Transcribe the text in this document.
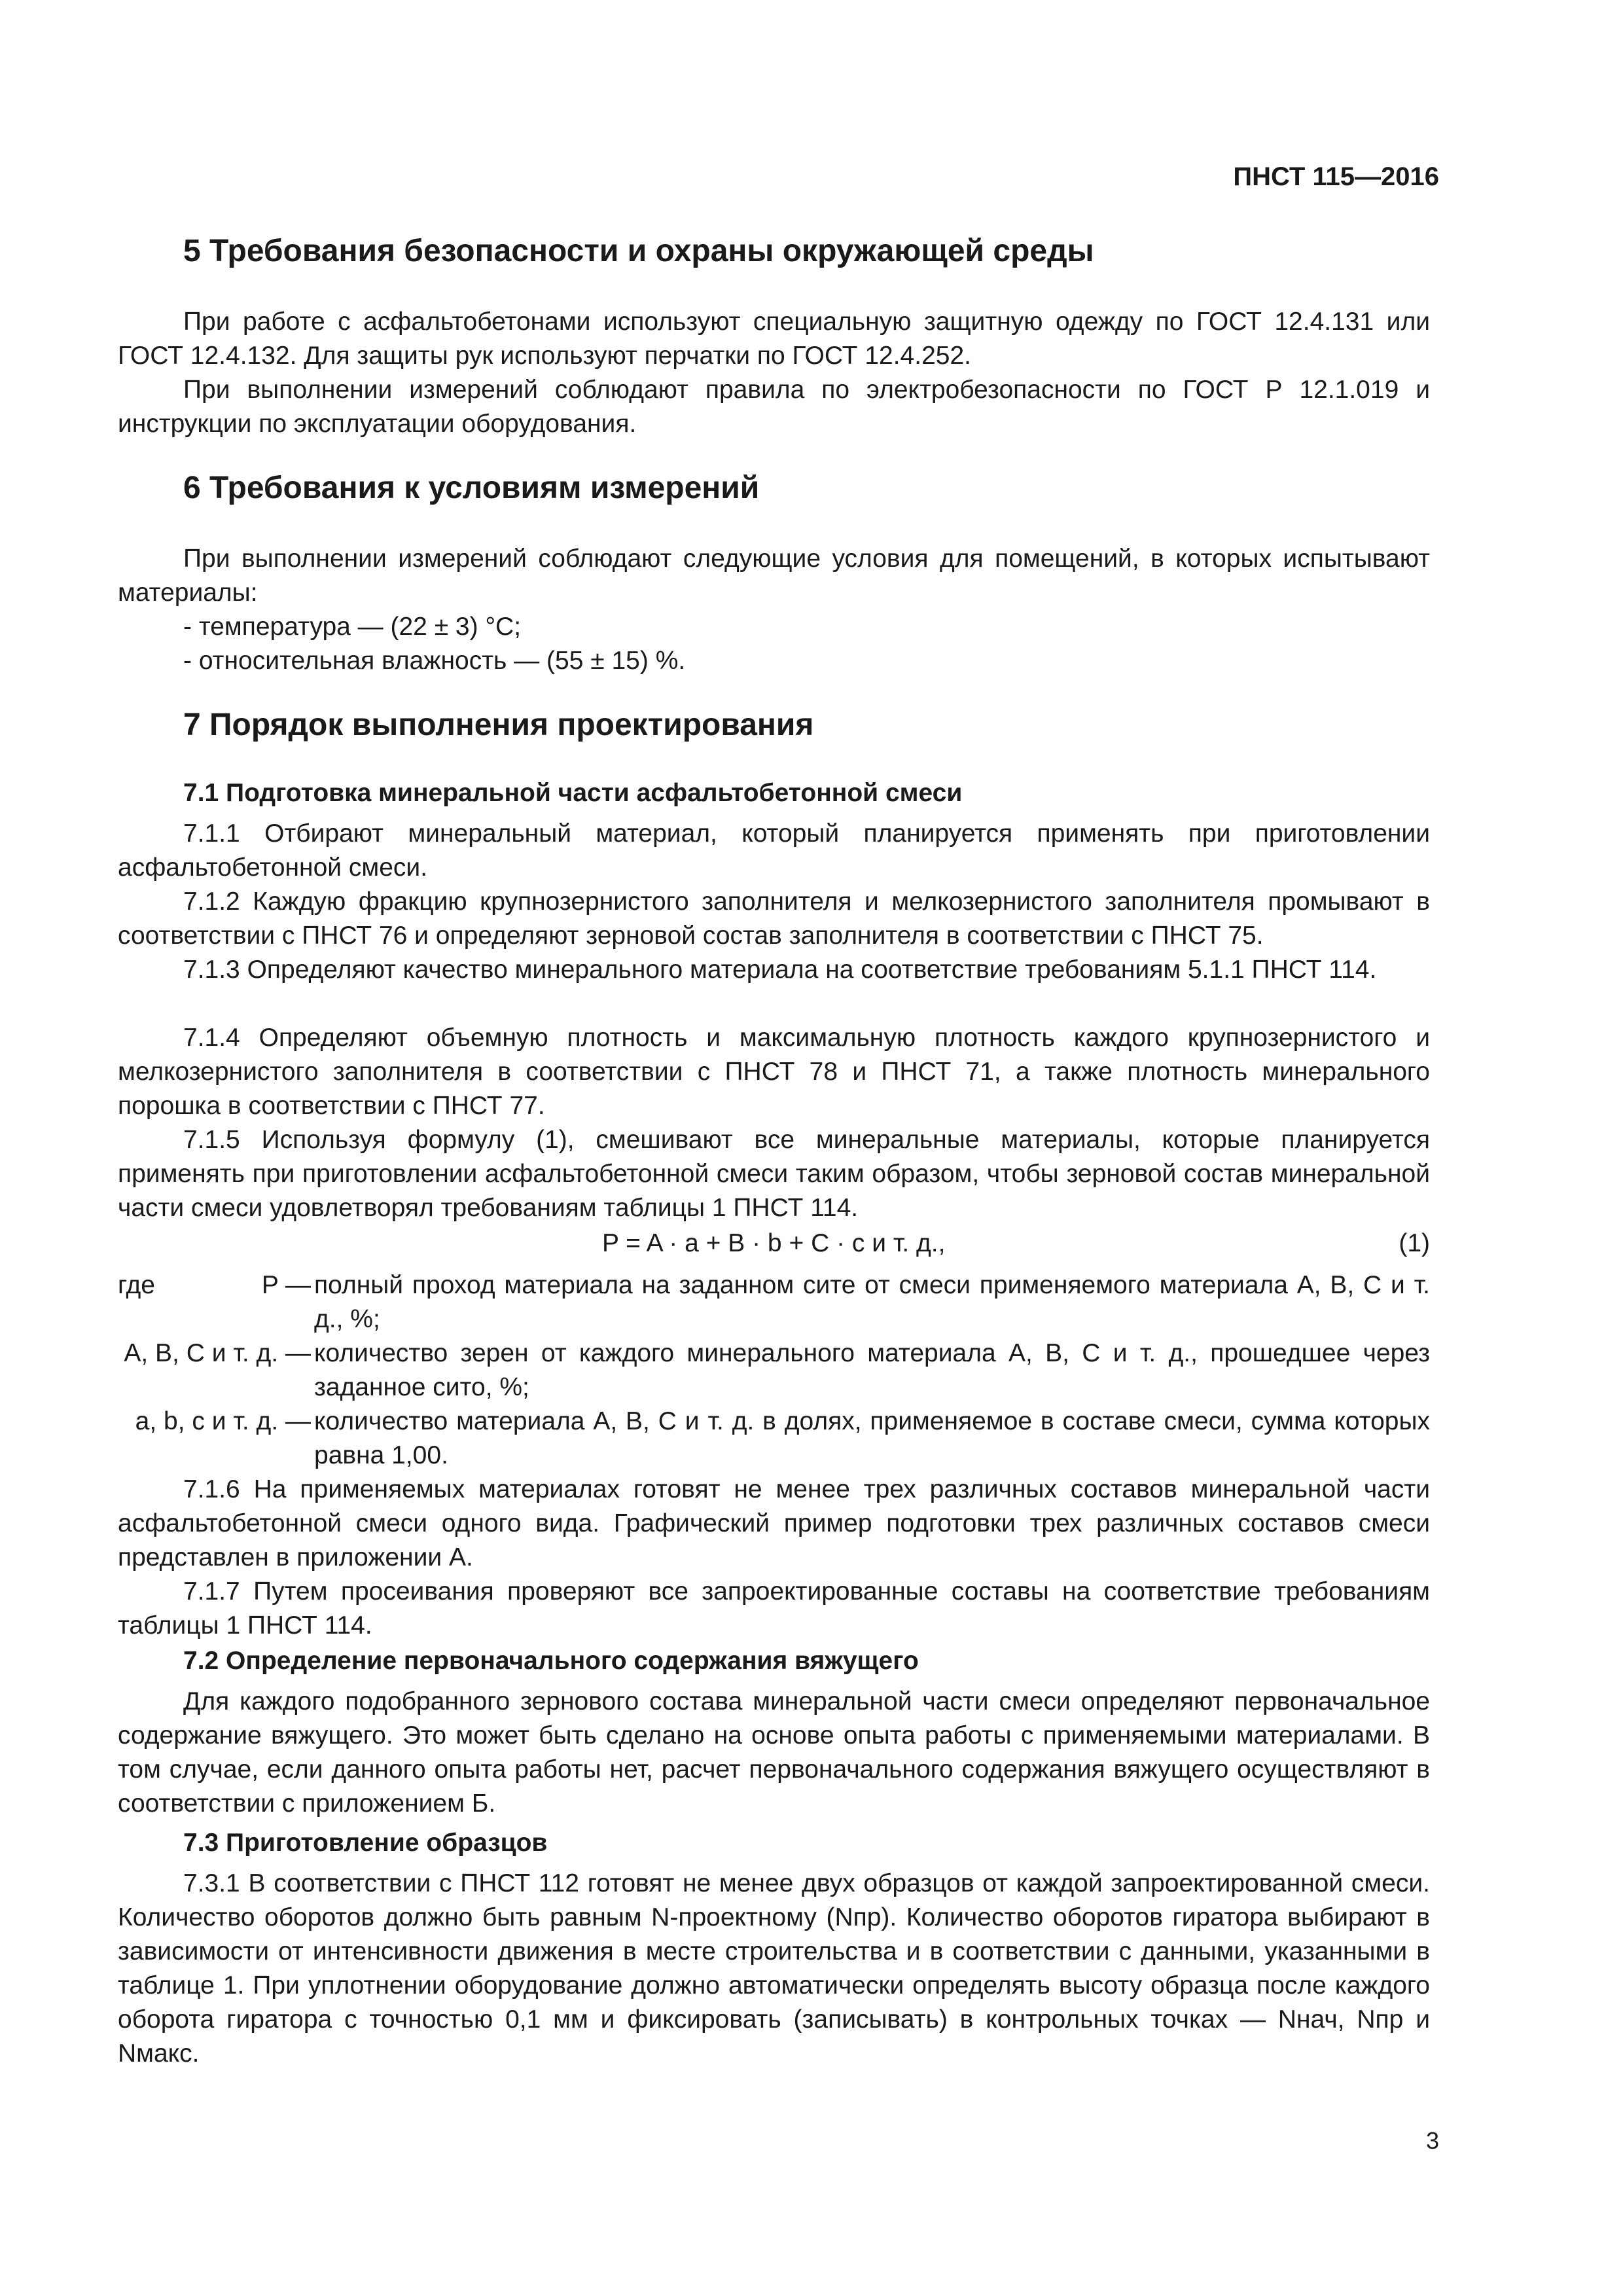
ПНСТ 115—2016
5 Требования безопасности и охраны окружающей среды
При работе с асфальтобетонами используют специальную защитную одежду по ГОСТ 12.4.131 или ГОСТ 12.4.132. Для защиты рук используют перчатки по ГОСТ 12.4.252.
При выполнении измерений соблюдают правила по электробезопасности по ГОСТ Р 12.1.019 и инструкции по эксплуатации оборудования.
6 Требования к условиям измерений
При выполнении измерений соблюдают следующие условия для помещений, в которых испытывают материалы:
- температура — (22 ± 3) °С;
- относительная влажность — (55 ± 15) %.
7 Порядок выполнения проектирования
7.1 Подготовка минеральной части асфальтобетонной смеси
7.1.1 Отбирают минеральный материал, который планируется применять при приготовлении асфальтобетонной смеси.
7.1.2 Каждую фракцию крупнозернистого заполнителя и мелкозернистого заполнителя промывают в соответствии с ПНСТ 76 и определяют зерновой состав заполнителя в соответствии с ПНСТ 75.
7.1.3 Определяют качество минерального материала на соответствие требованиям 5.1.1 ПНСТ 114.
7.1.4 Определяют объемную плотность и максимальную плотность каждого крупнозернистого и мелкозернистого заполнителя в соответствии с ПНСТ 78 и ПНСТ 71, а также плотность минерального порошка в соответствии с ПНСТ 77.
7.1.5 Используя формулу (1), смешивают все минеральные материалы, которые планируется применять при приготовлении асфальтобетонной смеси таким образом, чтобы зерновой состав минеральной части смеси удовлетворял требованиям таблицы 1 ПНСТ 114.
P = A · a + B · b + C · c и т. д.,	(1)
где	P — полный проход материала на заданном сите от смеси применяемого материала A, B, C и т. д., %;
A, B, C и т. д. — количество зерен от каждого минерального материала A, B, C и т. д., прошедшее через заданное сито, %;
a, b, c и т. д. — количество материала A, B, C и т. д. в долях, применяемое в составе смеси, сумма которых равна 1,00.
7.1.6 На применяемых материалах готовят не менее трех различных составов минеральной части асфальтобетонной смеси одного вида. Графический пример подготовки трех различных составов смеси представлен в приложении А.
7.1.7 Путем просеивания проверяют все запроектированные составы на соответствие требованиям таблицы 1 ПНСТ 114.
7.2 Определение первоначального содержания вяжущего
Для каждого подобранного зернового состава минеральной части смеси определяют первоначальное содержание вяжущего. Это может быть сделано на основе опыта работы с применяемыми материалами. В том случае, если данного опыта работы нет, расчет первоначального содержания вяжущего осуществляют в соответствии с приложением Б.
7.3 Приготовление образцов
7.3.1 В соответствии с ПНСТ 112 готовят не менее двух образцов от каждой запроектированной смеси. Количество оборотов должно быть равным N-проектному (Nпр). Количество оборотов гиратора выбирают в зависимости от интенсивности движения в месте строительства и в соответствии с данными, указанными в таблице 1. При уплотнении оборудование должно автоматически определять высоту образца после каждого оборота гиратора с точностью 0,1 мм и фиксировать (записывать) в контрольных точках — Nнач, Nпр и Nмакс.
3
